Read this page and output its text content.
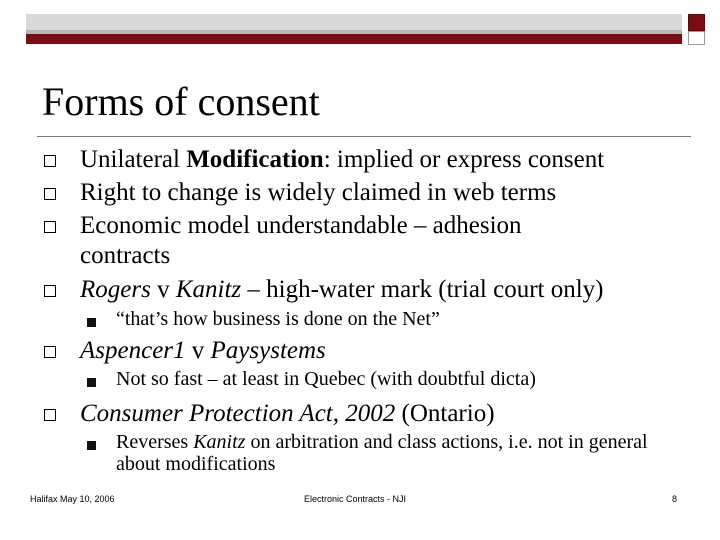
Forms of consent
Unilateral Modification: implied or express consent
Right to change is widely claimed in web terms
Economic model understandable – adhesion contracts
Rogers v Kanitz – high-water mark (trial court only)
“that’s how business is done on the Net”
Aspencer1 v Paysystems
Not so fast – at least in Quebec (with doubtful dicta)
Consumer Protection Act, 2002 (Ontario)
Reverses Kanitz on arbitration and class actions, i.e. not in general about modifications
Halifax May 10, 2006	Electronic Contracts - NJI	8
